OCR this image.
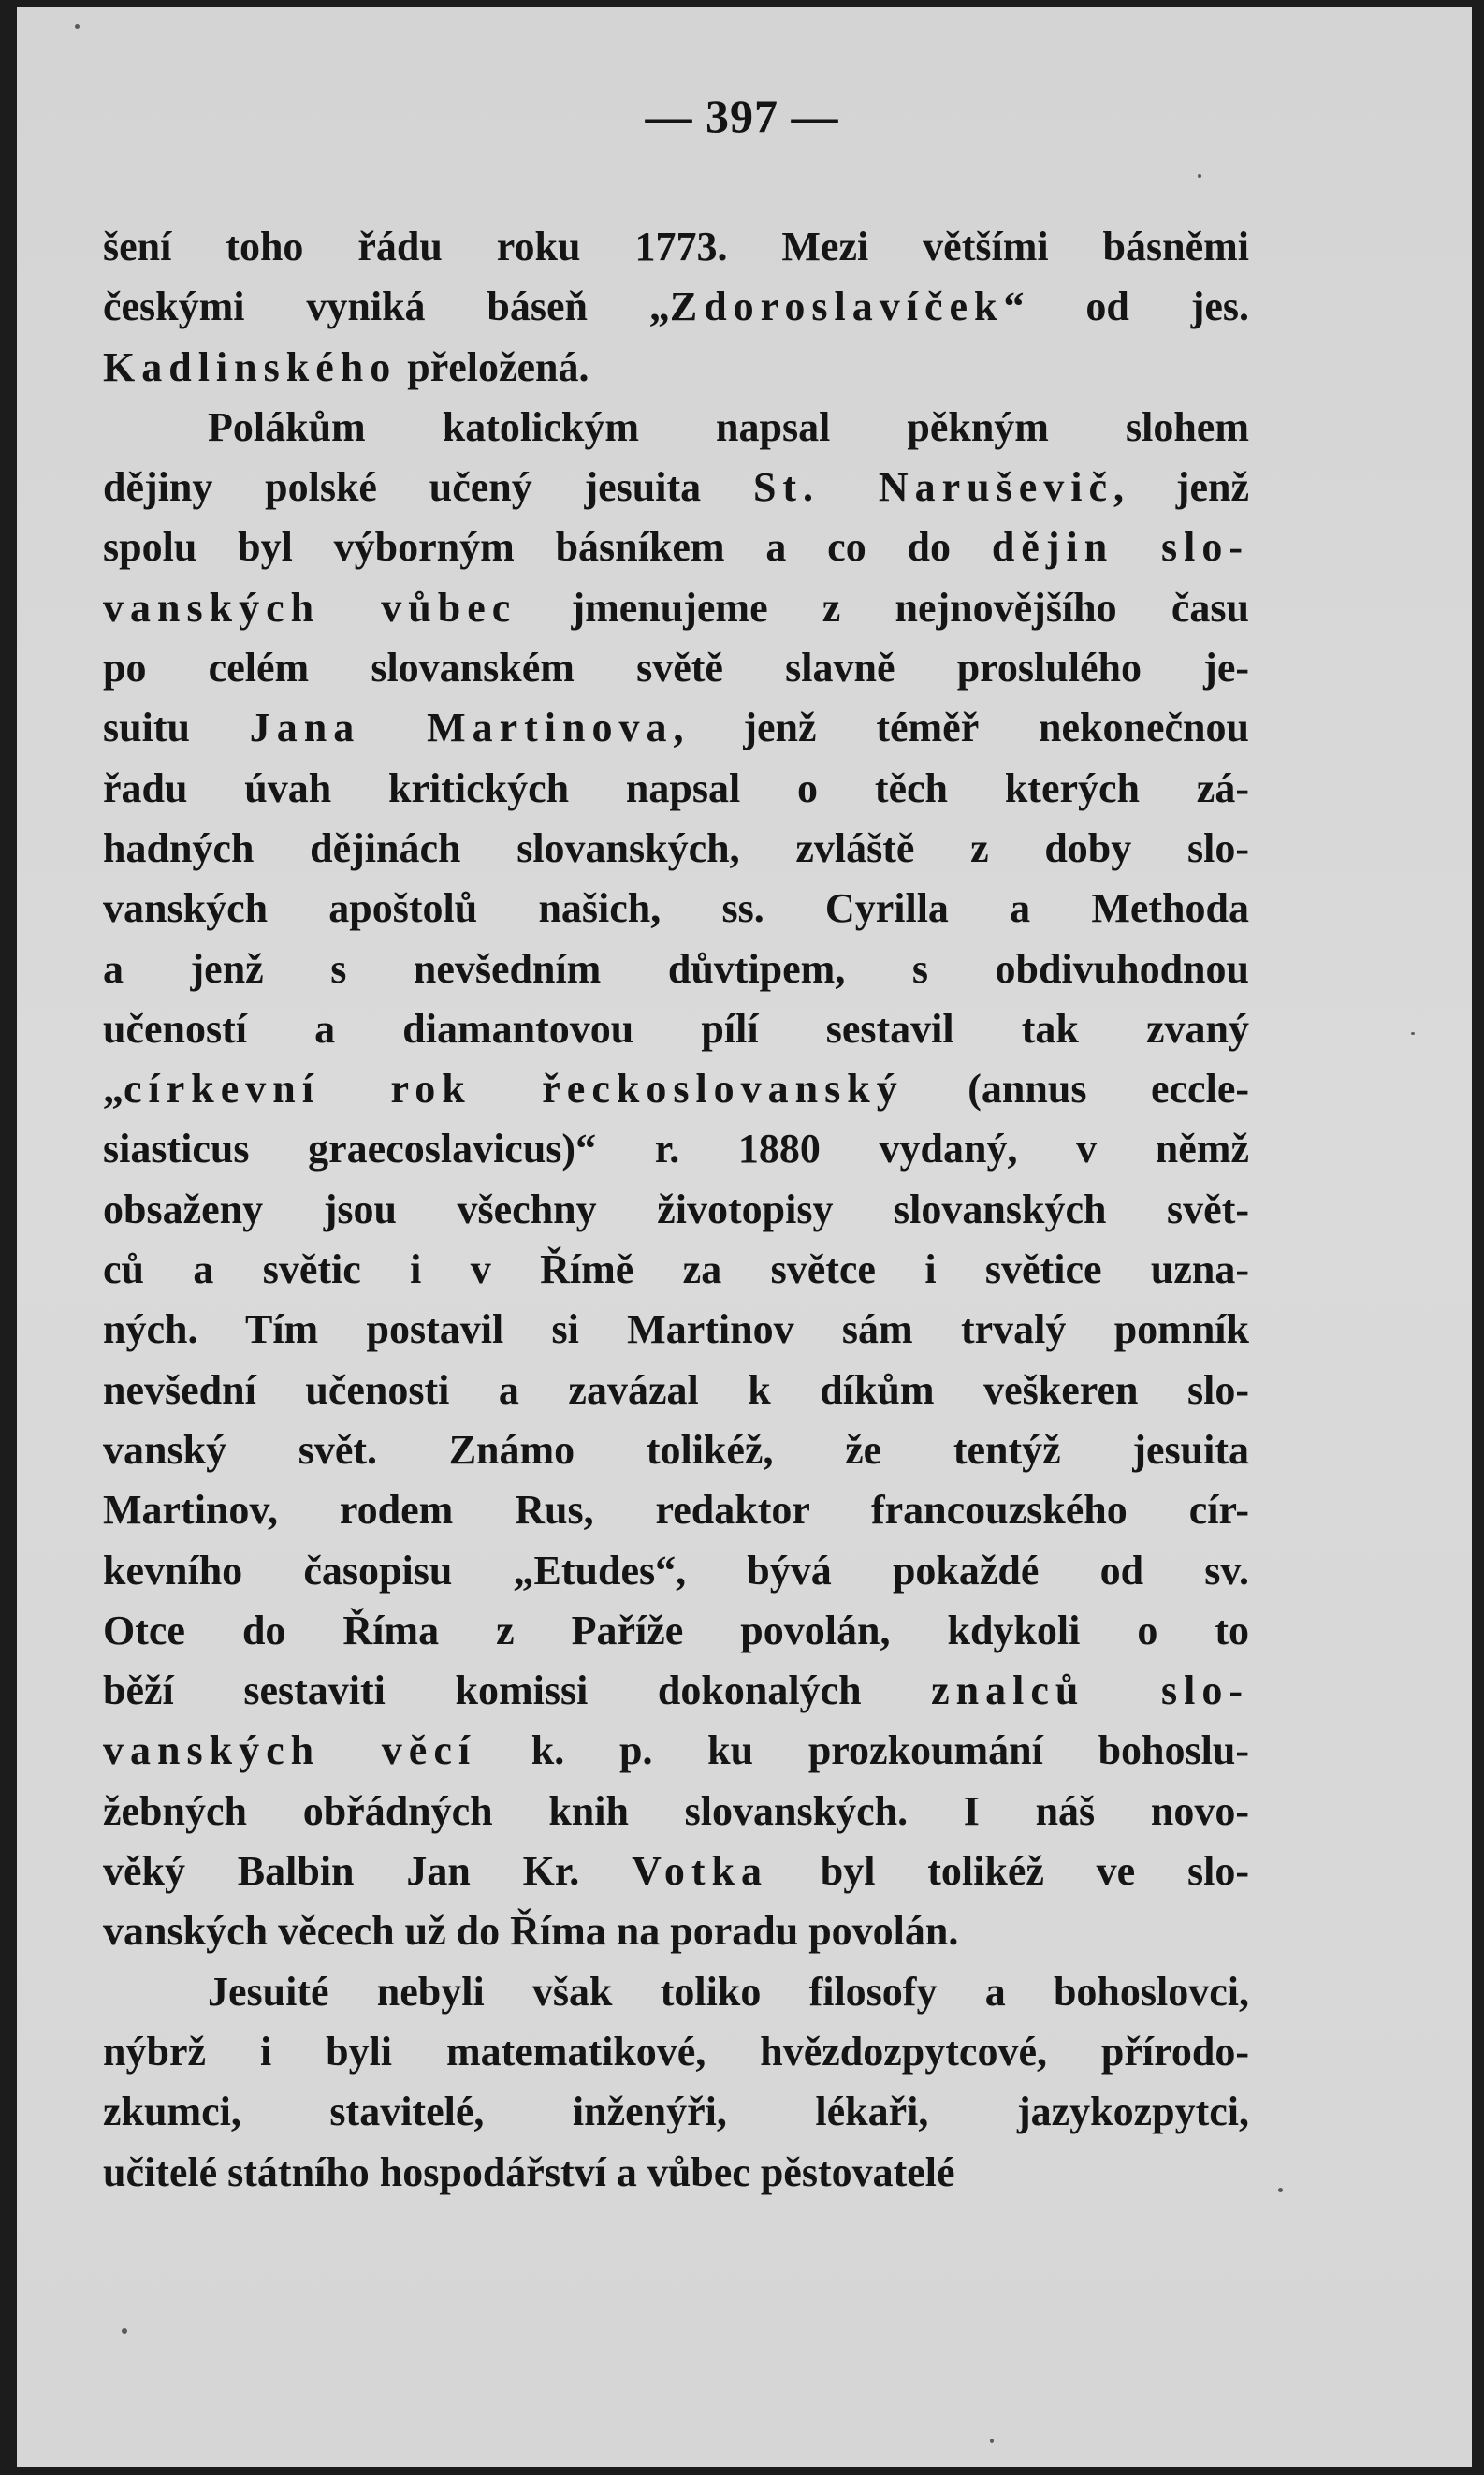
— 397 —
šení toho řádu roku 1773. Mezi většími básněmi
českými vyniká báseň „Zdoroslavíček“ od jes.
Kadlinského přeložená.
Polákům katolickým napsal pěkným slohem
dějiny polské učený jesuita St. Naruševič, jenž
spolu byl výborným básníkem a co do dějin slo-
vanských vůbec jmenujeme z nejnovějšího času
po celém slovanském světě slavně proslulého je-
suitu Jana Martinova, jenž téměř nekonečnou
řadu úvah kritických napsal o těch kterých zá-
hadných dějinách slovanských, zvláště z doby slo-
vanských apoštolů našich, ss. Cyrilla a Methoda
a jenž s nevšedním důvtipem, s obdivuhodnou
učeností a diamantovou pílí sestavil tak zvaný
„církevní rok řeckoslovanský (annus eccle-
siasticus graecoslavicus)“ r. 1880 vydaný, v němž
obsaženy jsou všechny životopisy slovanských svět-
ců a světic i v Římě za světce i světice uzna-
ných. Tím postavil si Martinov sám trvalý pomník
nevšední učenosti a zavázal k díkům veškeren slo-
vanský svět. Známo tolikéž, že tentýž jesuita
Martinov, rodem Rus, redaktor francouzského cír-
kevního časopisu „Etudes“, bývá pokaždé od sv.
Otce do Říma z Paříže povolán, kdykoli o to
běží sestaviti komissi dokonalých znalců slo-
vanských věcí k. p. ku prozkoumání bohoslu-
žebných obřádných knih slovanských. I náš novo-
věký Balbin Jan Kr. Votka byl tolikéž ve slo-
vanských věcech už do Říma na poradu povolán.
Jesuité nebyli však toliko filosofy a bohoslovci,
nýbrž i byli matematikové, hvězdozpytcové, přírodo-
zkumci, stavitelé, inženýři, lékaři, jazykozpytci,
učitelé státního hospodářství a vůbec pěstovatelé
